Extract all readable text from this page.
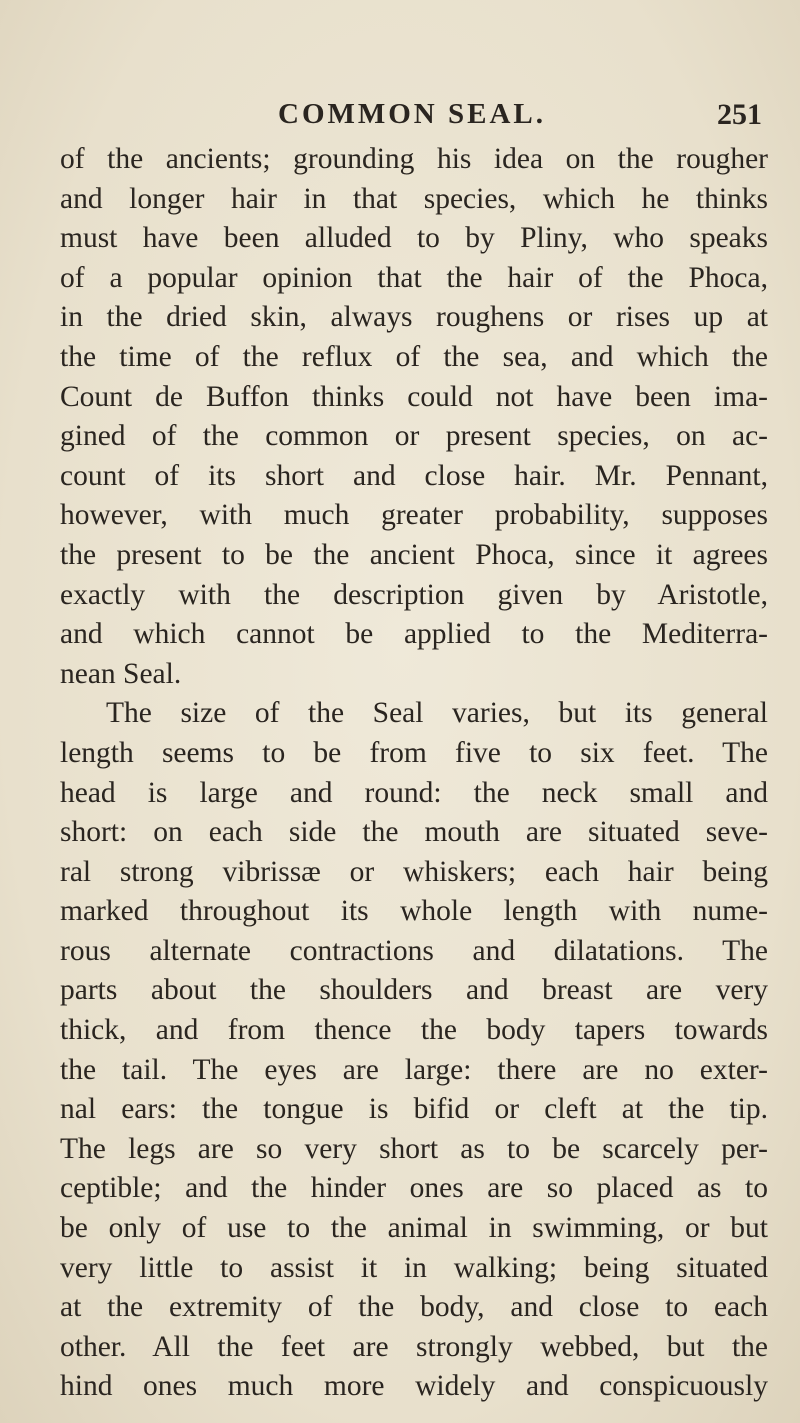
COMMON SEAL.	251
of the ancients; grounding his idea on the rougher
and longer hair in that species, which he thinks
must have been alluded to by Pliny, who speaks
of a popular opinion that the hair of the Phoca,
in the dried skin, always roughens or rises up at
the time of the reflux of the sea, and which the
Count de Buffon thinks could not have been ima-
gined of the common or present species, on ac-
count of its short and close hair. Mr. Pennant,
however, with much greater probability, supposes
the present to be the ancient Phoca, since it agrees
exactly with the description given by Aristotle,
and which cannot be applied to the Mediterra-
nean Seal.
The size of the Seal varies, but its general
length seems to be from five to six feet. The
head is large and round: the neck small and
short: on each side the mouth are situated seve-
ral strong vibrissæ or whiskers; each hair being
marked throughout its whole length with nume-
rous alternate contractions and dilatations. The
parts about the shoulders and breast are very
thick, and from thence the body tapers towards
the tail. The eyes are large: there are no exter-
nal ears: the tongue is bifid or cleft at the tip.
The legs are so very short as to be scarcely per-
ceptible; and the hinder ones are so placed as to
be only of use to the animal in swimming, or but
very little to assist it in walking; being situated
at the extremity of the body, and close to each
other. All the feet are strongly webbed, but the
hind ones much more widely and conspicuously
